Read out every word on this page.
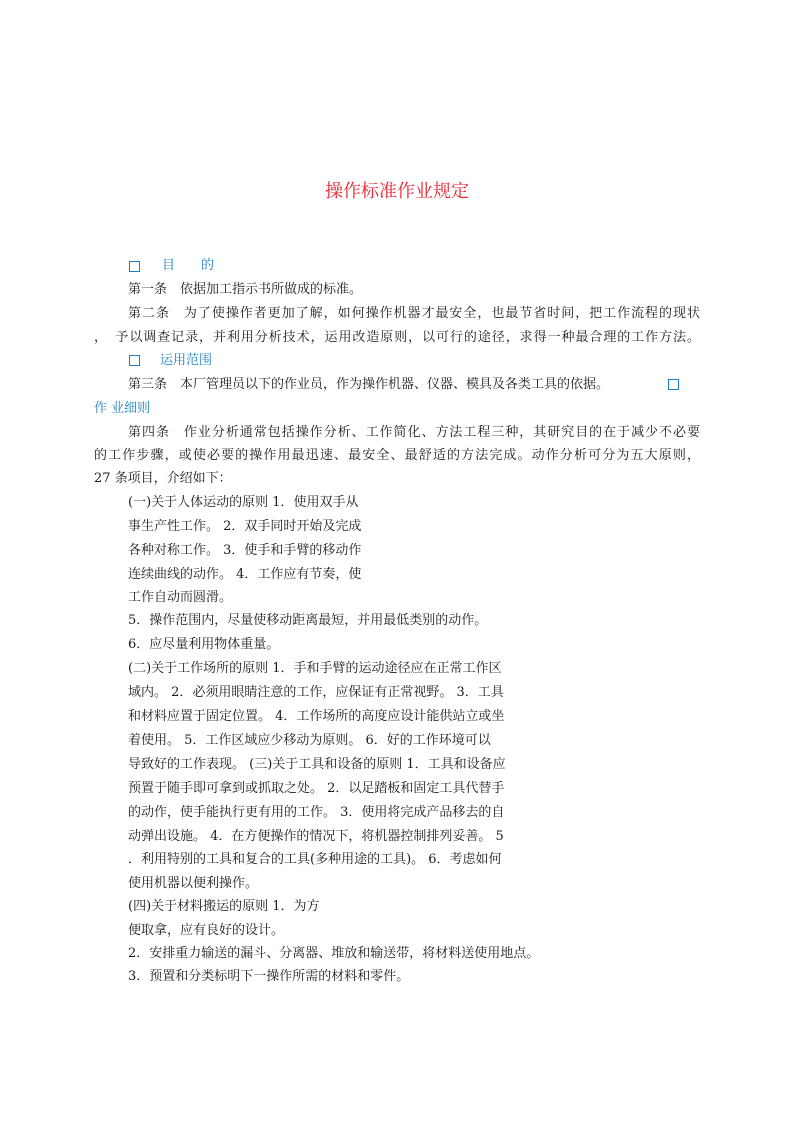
操作标准作业规定

目　　的

第一条　依据加工指示书所做成的标准。

第二条　为了使操作者更加了解，如何操作机器才最安全，也最节省时间，把工作流程的现状

，　予以调查记录，并利用分析技术，运用改造原则，以可行的途径，求得一种最合理的工作方法。

运用范围

第三条　本厂管理员以下的作业员，作为操作机器、仪器、模具及各类工具的依据。

作 业细则

第四条　作业分析通常包括操作分析、工作简化、方法工程三种，其研究目的在于减少不必要

的工作步骤，或使必要的操作用最迅速、最安全、最舒适的方法完成。动作分析可分为五大原则，

27 条项目，介绍如下：

(一)关于人体运动的原则 1．使用双手从

事生产性工作。 2．双手同时开始及完成

各种对称工作。 3．使手和手臂的移动作

连续曲线的动作。 4．工作应有节奏，使

工作自动而圆滑。

5．操作范围内，尽量使移动距离最短，并用最低类别的动作。

6．应尽量利用物体重量。

(二)关于工作场所的原则 1．手和手臂的运动途径应在正常工作区

域内。 2．必须用眼睛注意的工作，应保证有正常视野。 3．工具

和材料应置于固定位置。 4．工作场所的高度应设计能供站立或坐

着使用。 5．工作区域应少移动为原则。 6．好的工作环境可以

导致好的工作表现。 (三)关于工具和设备的原则 1．工具和设备应

预置于随手即可拿到或抓取之处。 2．以足踏板和固定工具代替手

的动作，使手能执行更有用的工作。 3．使用将完成产品移去的自

动弹出设施。 4．在方便操作的情况下，将机器控制排列妥善。 5

．利用特别的工具和复合的工具(多种用途的工具)。 6．考虑如何

使用机器以便利操作。

(四)关于材料搬运的原则 1．为方

便取拿，应有良好的设计。

2．安排重力输送的漏斗、分离器、堆放和输送带，将材料送使用地点。

3．预置和分类标明下一操作所需的材料和零件。
